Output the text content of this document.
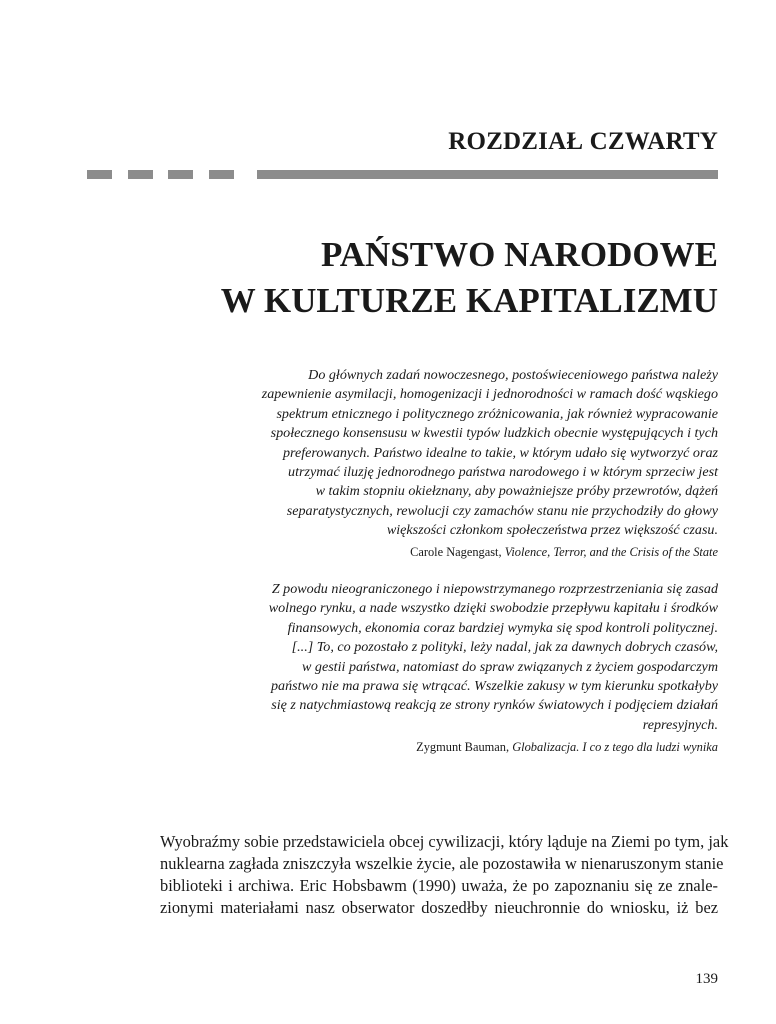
ROZDZIAŁ CZWARTY
PAŃSTWO NARODOWE
W KULTURZE KAPITALIZMU
Do głównych zadań nowoczesnego, postoświeceniowego państwa należy
zapewnienie asymilacji, homogenizacji i jednorodności w ramach dość wąskiego
spektrum etnicznego i politycznego zróżnicowania, jak również wypracowanie
społecznego konsensusu w kwestii typów ludzkich obecnie występujących i tych
preferowanych. Państwo idealne to takie, w którym udało się wytworzyć oraz
utrzymać iluzję jednorodnego państwa narodowego i w którym sprzeciw jest
w takim stopniu okiełznany, aby poważniejsze próby przewrotów, dążeń
separatystycznych, rewolucji czy zamachów stanu nie przychodziły do głowy
większości członkom społeczeństwa przez większość czasu.
Carole Nagengast, Violence, Terror, and the Crisis of the State
Z powodu nieograniczonego i niepowstrzymanego rozprzestrzeniania się zasad
wolnego rynku, a nade wszystko dzięki swobodzie przepływu kapitału i środków
finansowych, ekonomia coraz bardziej wymyka się spod kontroli politycznej.
[...] To, co pozostało z polityki, leży nadal, jak za dawnych dobrych czasów,
w gestii państwa, natomiast do spraw związanych z życiem gospodarczym
państwo nie ma prawa się wtrącać. Wszelkie zakusy w tym kierunku spotkałyby
się z natychmiastową reakcją ze strony rynków światowych i podjęciem działań
represyjnych.
Zygmunt Bauman, Globalizacja. I co z tego dla ludzi wynika
Wyobraźmy sobie przedstawiciela obcej cywilizacji, który ląduje na Ziemi po tym, jak
nuklearna zagłada zniszczyła wszelkie życie, ale pozostawiła w nienaruszonym stanie
biblioteki i archiwa. Eric Hobsbawm (1990) uważa, że po zapoznaniu się ze znale-
zionymi materiałami nasz obserwator doszedłby nieuchronnie do wniosku, iż bez
139
